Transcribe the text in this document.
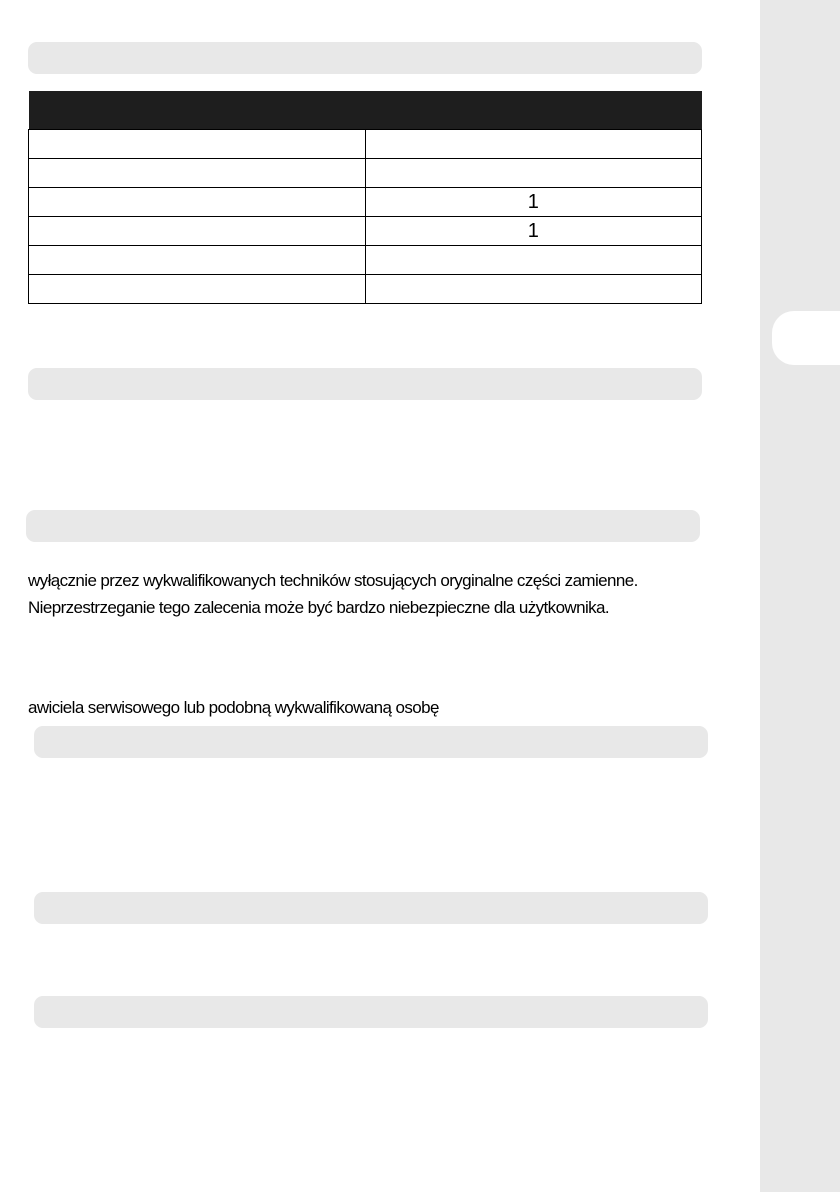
	1
	1

wyłącznie przez wykwalifikowanych techników stosujących oryginalne części zamienne.

Nieprzestrzeganie tego zalecenia może być bardzo niebezpieczne dla użytkownika.

awiciela serwisowego lub podobną wykwalifikowaną osobę
